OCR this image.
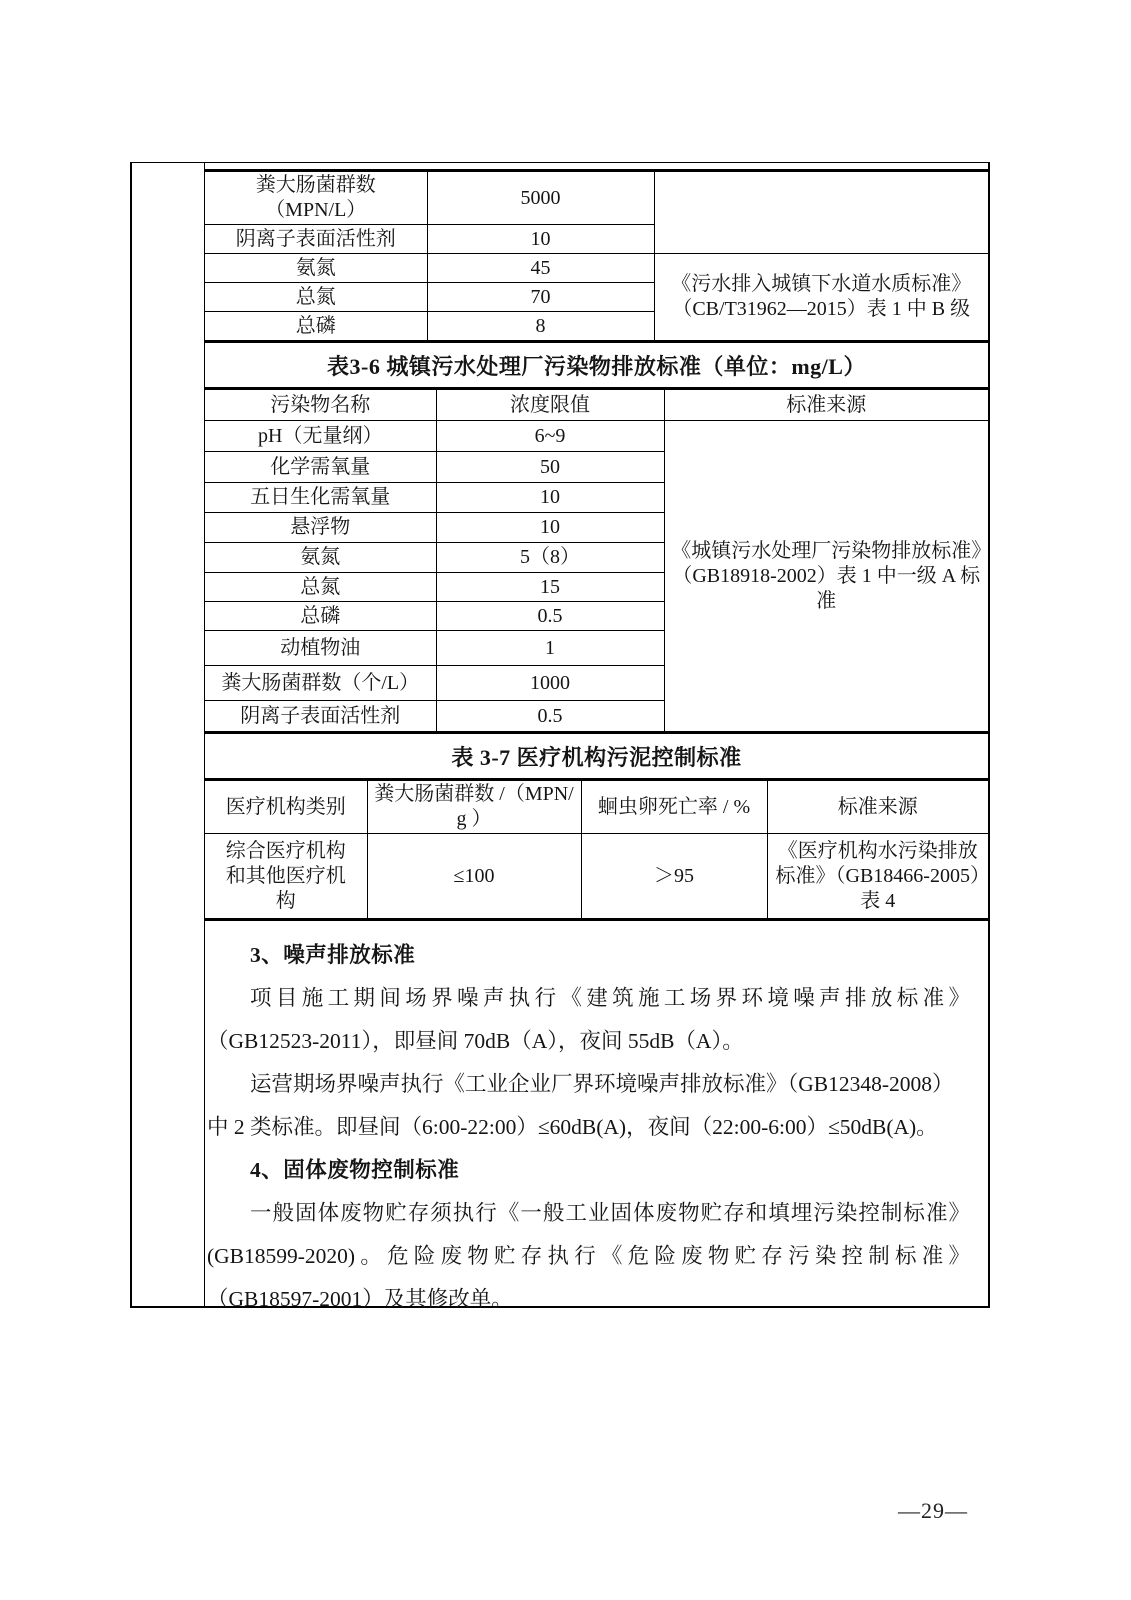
粪大肠菌群数
（MPN/L）	5000	
阴离子表面活性剂	10	
氨氮	45	《污水排入城镇下水道水质标准》（CB/T31962—2015）表 1 中 B 级
总氮	70	
总磷	8	
表3-6 城镇污水处理厂污染物排放标准（单位：mg/L）
污染物名称	浓度限值	标准来源
pH（无量纲）	6~9	《城镇污水处理厂污染物排放标准》（GB18918-2002）表 1 中一级 A 标准
化学需氧量	50	
五日生化需氧量	10	
悬浮物	10	
氨氮	5（8）	
总氮	15	
总磷	0.5	
动植物油	1	
粪大肠菌群数（个/L）	1000	
阴离子表面活性剂	0.5	
表 3-7 医疗机构污泥控制标准
医疗机构类别	粪大肠菌群数 /（MPN/ g ）	蛔虫卵死亡率 / %	标准来源
综合医疗机构和其他医疗机构	≤100	＞95	《医疗机构水污染排放标准》（GB18466-2005）表 4
3、噪声排放标准
项目施工期间场界噪声执行《建筑施工场界环境噪声排放标准》
（GB12523-2011），即昼间 70dB（A），夜间 55dB（A）。
运营期场界噪声执行《工业企业厂界环境噪声排放标准》（GB12348-2008）
中 2 类标准。即昼间（6:00-22:00）≤60dB(A)，夜间（22:00-6:00）≤50dB(A)。
4、固体废物控制标准
一般固体废物贮存须执行《一般工业固体废物贮存和填埋污染控制标准》
(GB18599-2020)。危险废物贮存执行《危险废物贮存污染控制标准》
（GB18597-2001）及其修改单。
—29—
